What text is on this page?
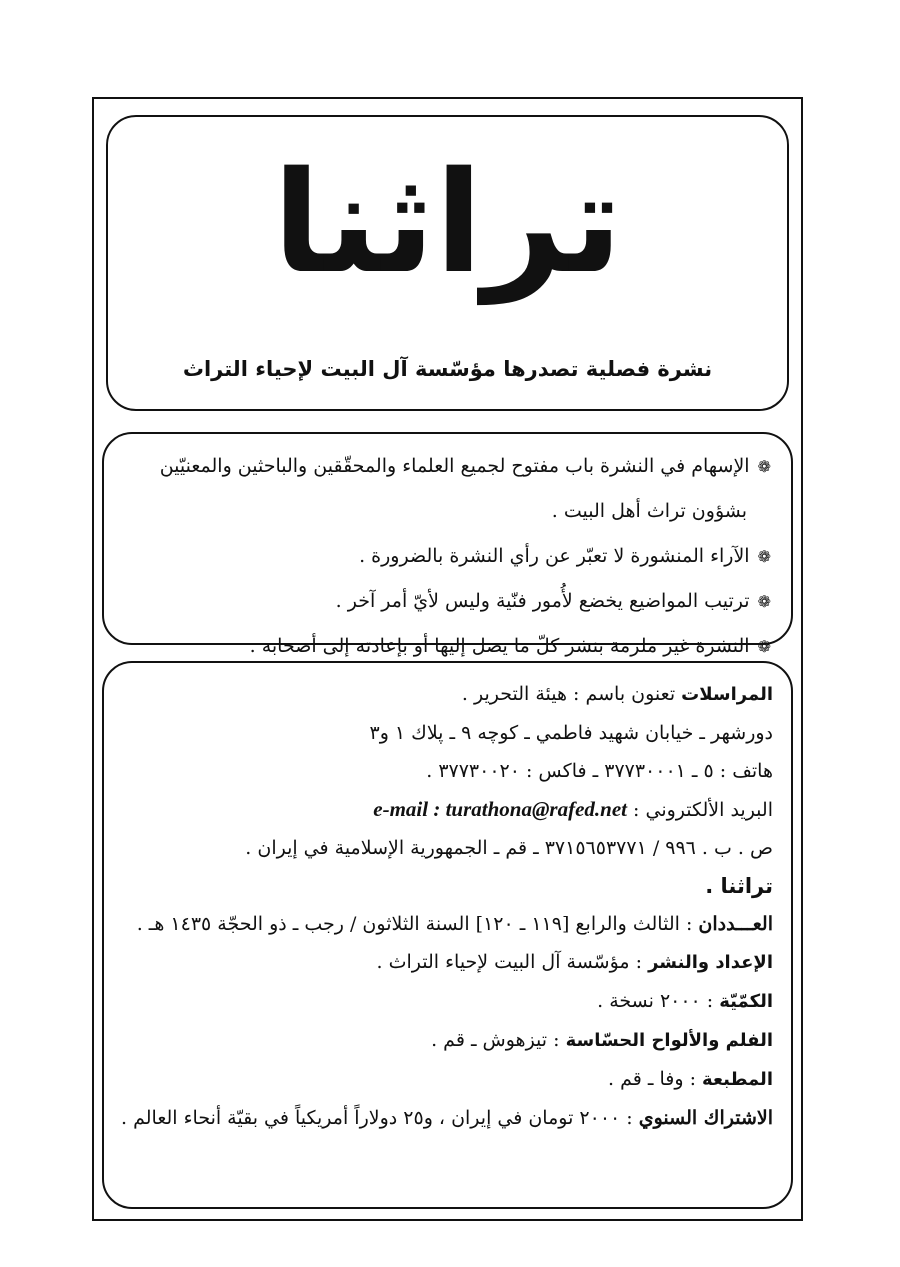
تراثنا
نشرة فصلية تصدرها مؤسّسة آل البيت لإحياء التراث
❁الإسهام في النشرة باب مفتوح لجميع العلماء والمحقّقين والباحثين والمعنيّين
بشؤون تراث أهل البيت .
❁الآراء المنشورة لا تعبّر عن رأي النشرة بالضرورة .
❁ترتيب المواضيع يخضع لأُمور فنّية وليس لأيّ أمر آخر .
❁النشرة غير ملزمة بنشر كلّ ما يصل إليها أو بإعادته إلى أصحابه .
المراسلات تعنون باسم : هيئة التحرير .
دورشهر ـ خيابان شهيد فاطمي ـ كوچه ٩ ـ پلاك ١ و٣
هاتف : ٥ ـ ٣٧٧٣٠٠٠١ ـ فاكس : ٣٧٧٣٠٠٢٠ .
البريد الألكتروني : e-mail : turathona@rafed.net
ص . ب . ٩٩٦ / ٣٧١٥٦٥٣٧٧١ ـ قم ـ الجمهورية الإسلامية في إيران .
تراثنا .
العـــددان : الثالث والرابع [١١٩ ـ ١٢٠] السنة الثلاثون / رجب ـ ذو الحجّة ١٤٣٥ هـ .
الإعداد والنشر : مؤسّسة آل البيت لإحياء التراث .
الكمّيّة : ٢٠٠٠ نسخة .
الفلم والألواح الحسّاسة : تيزهوش ـ قم .
المطبعة : وفا ـ قم .
الاشتراك السنوي : ٢٠٠٠ تومان في إيران ، و٢٥ دولاراً أمريكياً في بقيّة أنحاء العالم .
